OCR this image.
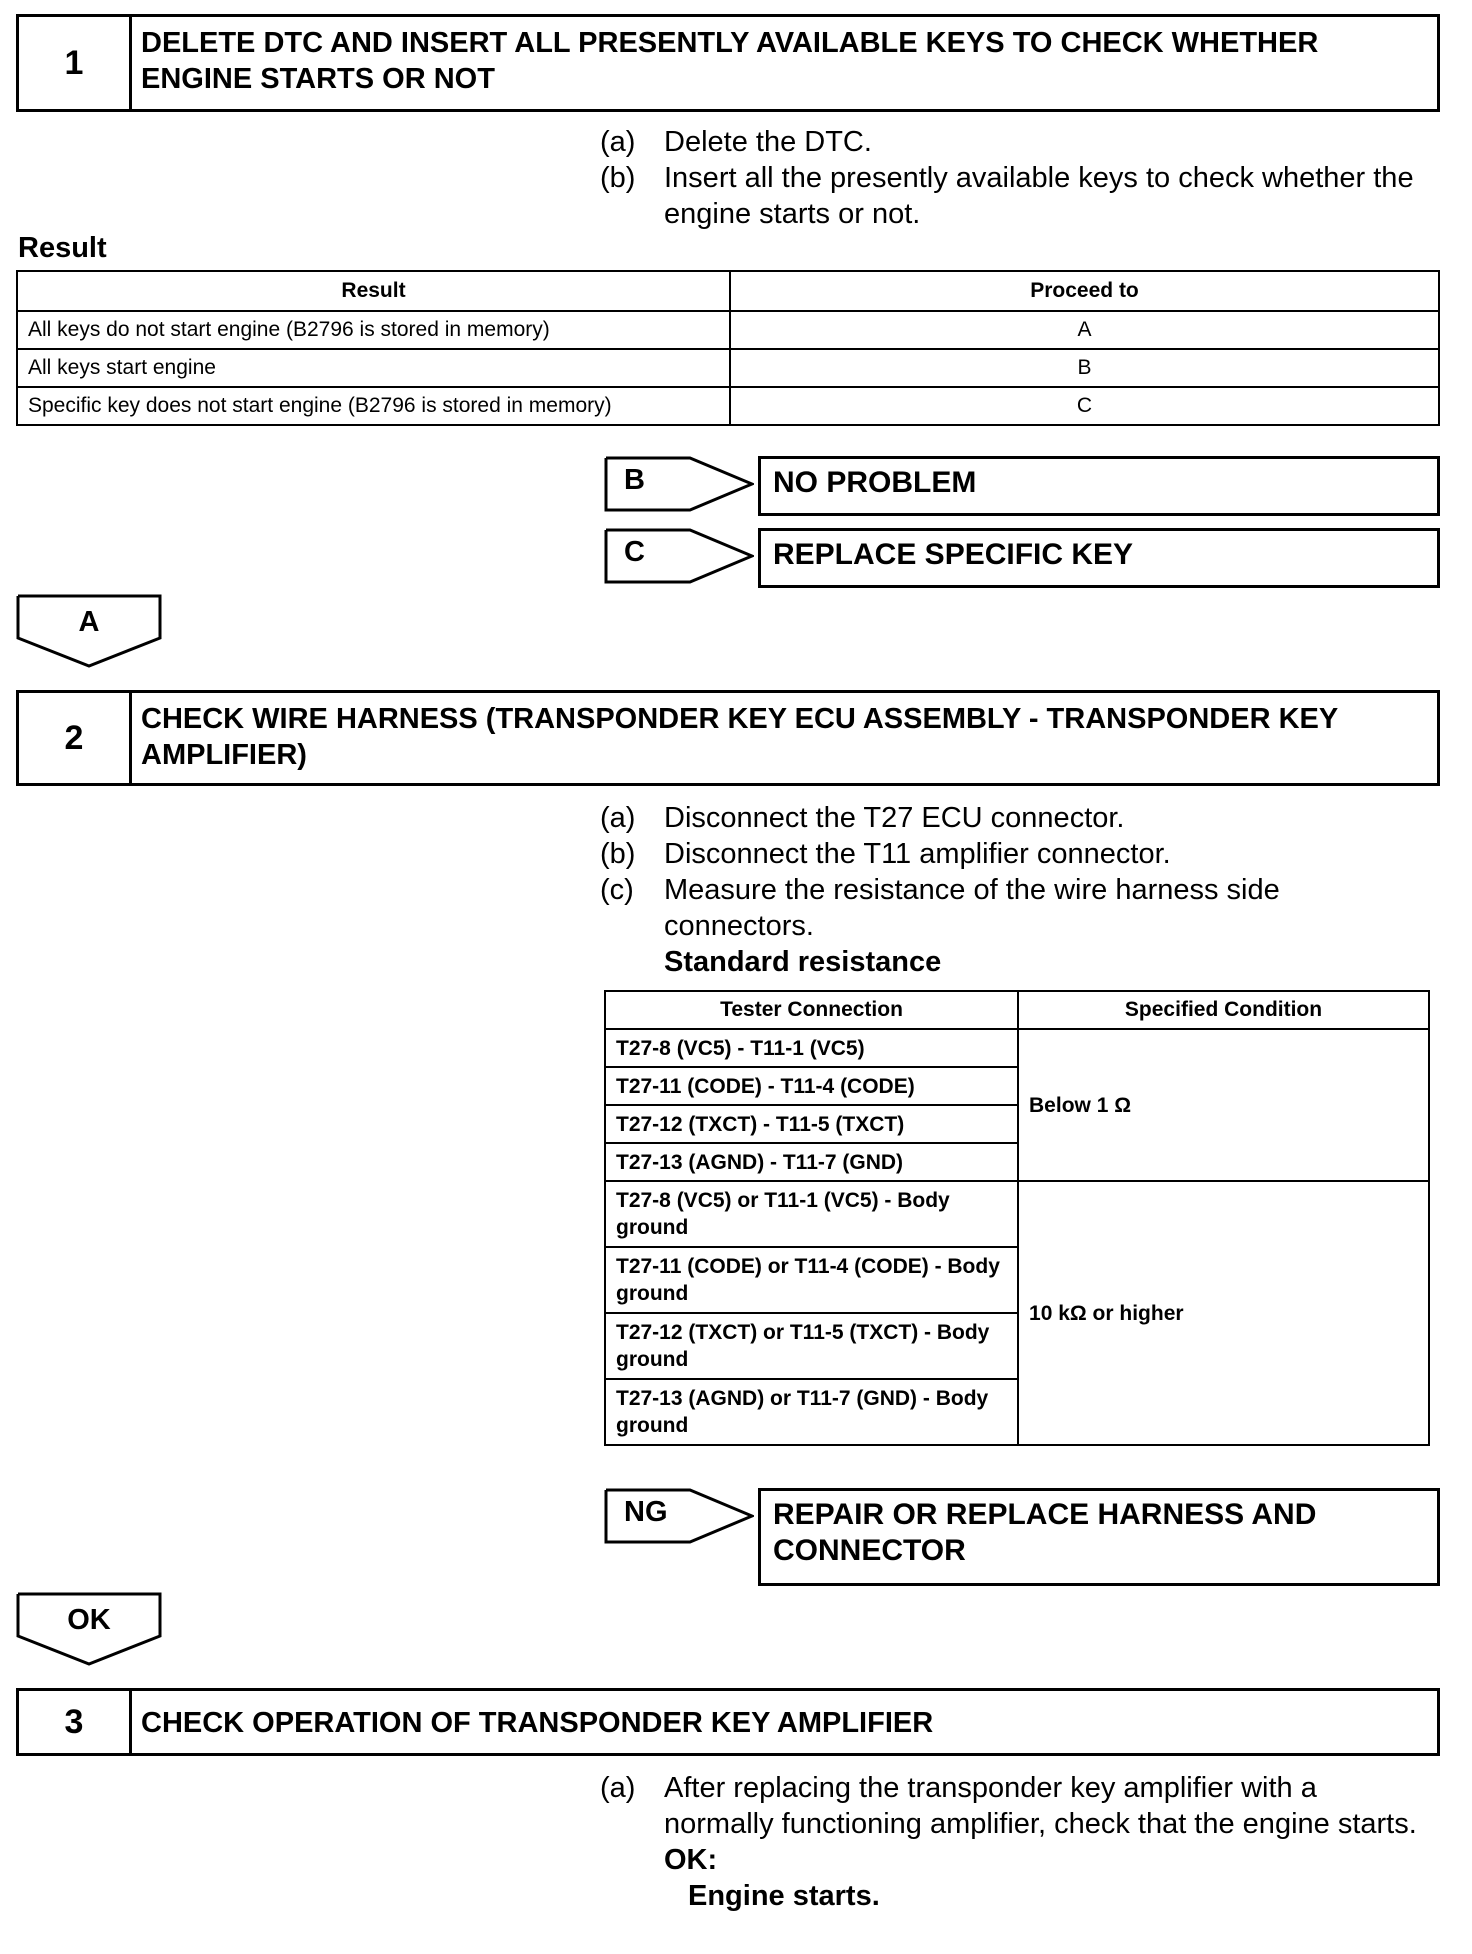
1
DELETE DTC AND INSERT ALL PRESENTLY AVAILABLE KEYS TO CHECK WHETHER ENGINE STARTS OR NOT
(a) Delete the DTC.
(b) Insert all the presently available keys to check whether the engine starts or not.
Result
Result	Proceed to
All keys do not start engine (B2796 is stored in memory)	A
All keys start engine	B
Specific key does not start engine (B2796 is stored in memory)	C
B	NO PROBLEM
C	REPLACE SPECIFIC KEY
A
2	CHECK WIRE HARNESS (TRANSPONDER KEY ECU ASSEMBLY - TRANSPONDER KEY AMPLIFIER)
(a) Disconnect the T27 ECU connector.
(b) Disconnect the T11 amplifier connector.
(c)	Measure the resistance of the wire harness side connectors.
Standard resistance
Tester Connection	Specified Condition
T27-8 (VC5) - T11-1 (VC5)	Below 1 Ω
T27-11 (CODE) - T11-4 (CODE)	
T27-12 (TXCT) - T11-5 (TXCT)	
T27-13 (AGND) - T11-7 (GND)	
T27-8 (VC5) or T11-1 (VC5) - Body ground	10 kΩ or higher
T27-11 (CODE) or T11-4 (CODE) - Body ground	
T27-12 (TXCT) or T11-5 (TXCT) - Body ground	
T27-13 (AGND) or T11-7 (GND) - Body ground	
NG	REPAIR OR REPLACE HARNESS AND CONNECTOR
OK
3	CHECK OPERATION OF TRANSPONDER KEY AMPLIFIER
(a) After replacing the transponder key amplifier with a normally functioning amplifier, check that the engine starts.
OK:
Engine starts.
